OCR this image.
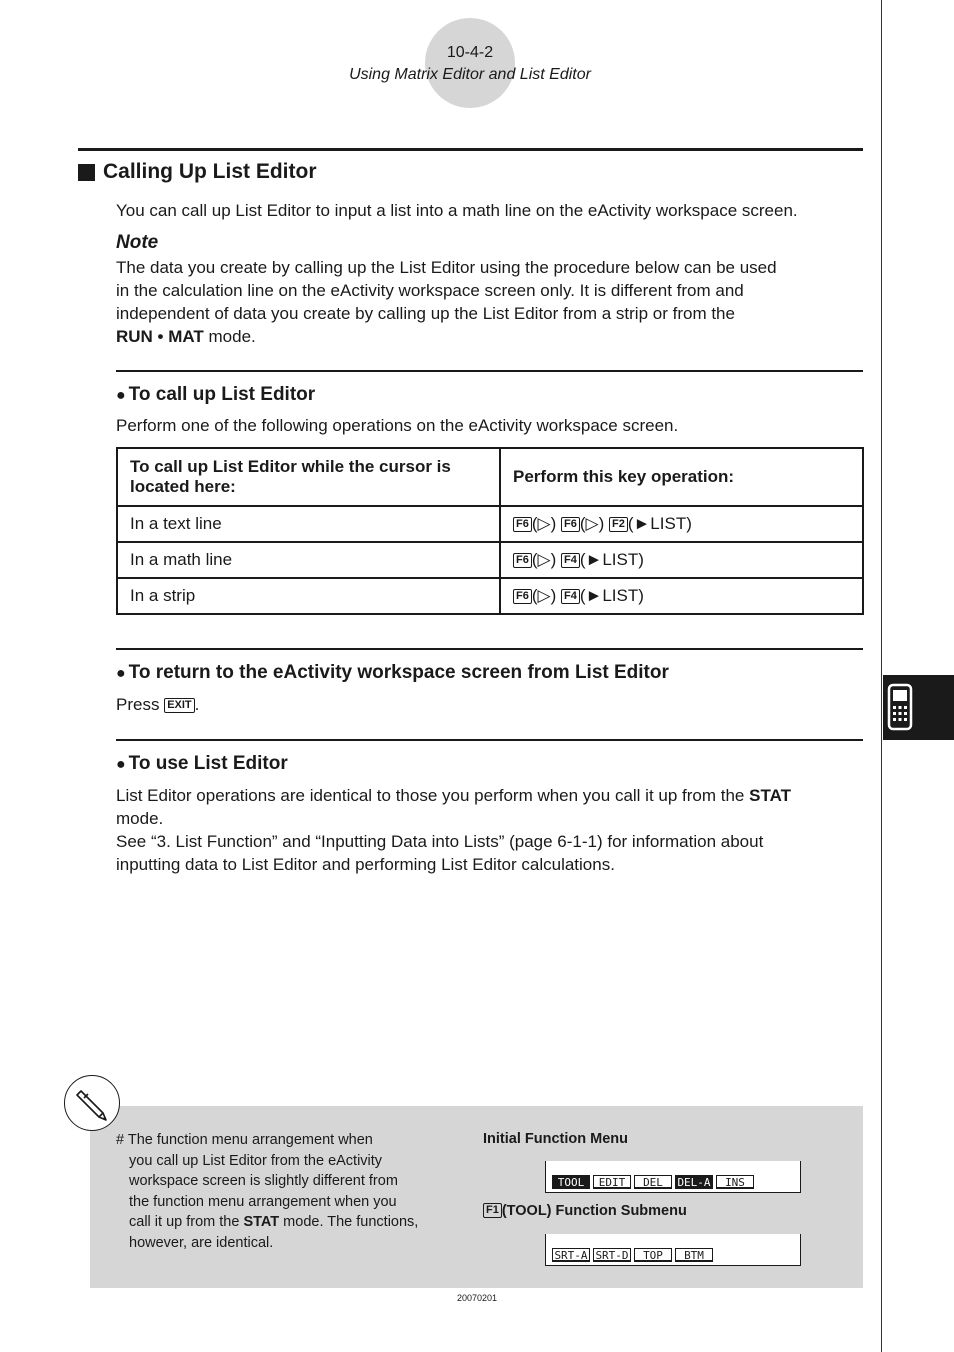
10-4-2
Using Matrix Editor and List Editor
Calling Up List Editor
You can call up List Editor to input a list into a math line on the eActivity workspace screen.
Note
The data you create by calling up the List Editor using the procedure below can be used
in the calculation line on the eActivity workspace screen only. It is different from and
independent of data you create by calling up the List Editor from a strip or from the
RUN • MAT mode.
● To call up List Editor
Perform one of the following operations on the eActivity workspace screen.
To call up List Editor while the cursor is
located here:	Perform this key operation:
In a text line	F6 (▷) F6 (▷) F2 (►LIST)
In a math line	F6 (▷) F4 (►LIST)
In a strip	F6 (▷) F4 (►LIST)
● To return to the eActivity workspace screen from List Editor
Press EXIT .
● To use List Editor
List Editor operations are identical to those you perform when you call it up from the STAT
mode.
See “3. List Function” and “Inputting Data into Lists” (page 6-1-1) for information about
inputting data to List Editor and performing List Editor calculations.
# The function menu arrangement when
you call up List Editor from the eActivity
workspace screen is slightly different from
the function menu arrangement when you
call it up from the STAT mode. The functions,
however, are identical.
Initial Function Menu
TOOL	EDIT	DEL	DEL-A	INS
F1 (TOOL) Function Submenu
SRT-A SRT-D	TOP	BTM
20070201
